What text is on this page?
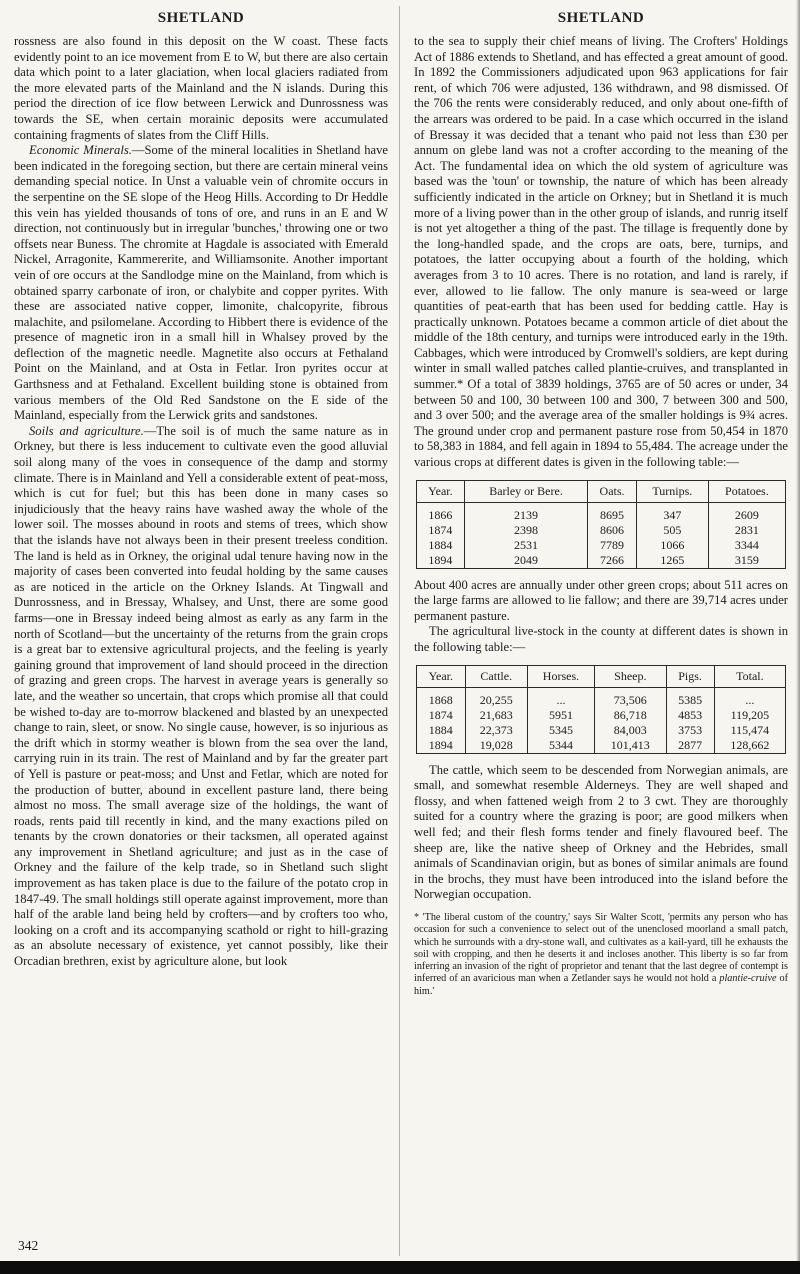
SHETLAND

rossness are also found in this deposit on the W coast. These facts evidently point to an ice movement from E to W, but there are also certain data which point to a later glaciation, when local glaciers radiated from the more elevated parts of the Mainland and the N islands. During this period the direction of ice flow between Lerwick and Dunrossness was towards the SE, when certain morainic deposits were accumulated containing fragments of slates from the Cliff Hills.

Economic Minerals.—Some of the mineral localities in Shetland have been indicated in the foregoing section, but there are certain mineral veins demanding special notice. In Unst a valuable vein of chromite occurs in the serpentine on the SE slope of the Heog Hills. According to Dr Heddle this vein has yielded thousands of tons of ore, and runs in an E and W direction, not continuously but in irregular 'bunches,' throwing one or two offsets near Buness. The chromite at Hagdale is associated with Emerald Nickel, Arragonite, Kammererite, and Williamsonite. Another important vein of ore occurs at the Sandlodge mine on the Mainland, from which is obtained sparry carbonate of iron, or chalybite and copper pyrites. With these are associated native copper, limonite, chalcopyrite, fibrous malachite, and psilomelane. According to Hibbert there is evidence of the presence of magnetic iron in a small hill in Whalsey proved by the deflection of the magnetic needle. Magnetite also occurs at Fethaland Point on the Mainland, and at Osta in Fetlar. Iron pyrites occur at Garthsness and at Fethaland. Excellent building stone is obtained from various members of the Old Red Sandstone on the E side of the Mainland, especially from the Lerwick grits and sandstones.

Soils and agriculture.—The soil is of much the same nature as in Orkney, but there is less inducement to cultivate even the good alluvial soil along many of the voes in consequence of the damp and stormy climate. There is in Mainland and Yell a considerable extent of peat-moss, which is cut for fuel; but this has been done in many cases so injudiciously that the heavy rains have washed away the whole of the lower soil. The mosses abound in roots and stems of trees, which show that the islands have not always been in their present treeless condition. The land is held as in Orkney, the original udal tenure having now in the majority of cases been converted into feudal holding by the same causes as are noticed in the article on the Orkney Islands. At Tingwall and Dunrossness, and in Bressay, Whalsey, and Unst, there are some good farms—one in Bressay indeed being almost as early as any farm in the north of Scotland—but the uncertainty of the returns from the grain crops is a great bar to extensive agricultural projects, and the feeling is yearly gaining ground that improvement of land should proceed in the direction of grazing and green crops. The harvest in average years is generally so late, and the weather so uncertain, that crops which promise all that could be wished to-day are to-morrow blackened and blasted by an unexpected change to rain, sleet, or snow. No single cause, however, is so injurious as the drift which in stormy weather is blown from the sea over the land, carrying ruin in its train. The rest of Mainland and by far the greater part of Yell is pasture or peat-moss; and Unst and Fetlar, which are noted for the production of butter, abound in excellent pasture land, there being almost no moss. The small average size of the holdings, the want of roads, rents paid till recently in kind, and the many exactions piled on tenants by the crown donatories or their tacksmen, all operated against any improvement in Shetland agriculture; and just as in the case of Orkney and the failure of the kelp trade, so in Shetland such slight improvement as has taken place is due to the failure of the potato crop in 1847-49. The small holdings still operate against improvement, more than half of the arable land being held by crofters—and by crofters too who, looking on a croft and its accompanying scathold or right to hill-grazing as an absolute necessary of existence, yet cannot possibly, like their Orcadian brethren, exist by agriculture alone, but look

SHETLAND

to the sea to supply their chief means of living. The Crofters' Holdings Act of 1886 extends to Shetland, and has effected a great amount of good. In 1892 the Commissioners adjudicated upon 963 applications for fair rent, of which 706 were adjusted, 136 withdrawn, and 98 dismissed. Of the 706 the rents were considerably reduced, and only about one-fifth of the arrears was ordered to be paid. In a case which occurred in the island of Bressay it was decided that a tenant who paid not less than £30 per annum on glebe land was not a crofter according to the meaning of the Act. The fundamental idea on which the old system of agriculture was based was the 'toun' or township, the nature of which has been already sufficiently indicated in the article on Orkney; but in Shetland it is much more of a living power than in the other group of islands, and runrig itself is not yet altogether a thing of the past. The tillage is frequently done by the long-handled spade, and the crops are oats, bere, turnips, and potatoes, the latter occupying about a fourth of the holding, which averages from 3 to 10 acres. There is no rotation, and land is rarely, if ever, allowed to lie fallow. The only manure is sea-weed or large quantities of peat-earth that has been used for bedding cattle. Hay is practically unknown. Potatoes became a common article of diet about the middle of the 18th century, and turnips were introduced early in the 19th. Cabbages, which were introduced by Cromwell's soldiers, are kept during winter in small walled patches called plantie-cruives, and transplanted in summer.* Of a total of 3839 holdings, 3765 are of 50 acres or under, 34 between 50 and 100, 30 between 100 and 300, 7 between 300 and 500, and 3 over 500; and the average area of the smaller holdings is 9¾ acres. The ground under crop and permanent pasture rose from 50,454 in 1870 to 58,383 in 1884, and fell again in 1894 to 55,484. The acreage under the various crops at different dates is given in the following table:—

Year.	Barley or Bere.	Oats.	Turnips.	Potatoes.
1866	2139	8695	347	2609
1874	2398	8606	505	2831
1884	2531	7789	1066	3344
1894	2049	7266	1265	3159

About 400 acres are annually under other green crops; about 511 acres on the large farms are allowed to lie fallow; and there are 39,714 acres under permanent pasture.

The agricultural live-stock in the county at different dates is shown in the following table:—

Year.	Cattle.	Horses.	Sheep.	Pigs.	Total.
1868	20,255	...	73,506	5385	...
1874	21,683	5951	86,718	4853	119,205
1884	22,373	5345	84,003	3753	115,474
1894	19,028	5344	101,413	2877	128,662

The cattle, which seem to be descended from Norwegian animals, are small, and somewhat resemble Alderneys. They are well shaped and flossy, and when fattened weigh from 2 to 3 cwt. They are thoroughly suited for a country where the grazing is poor; are good milkers when well fed; and their flesh forms tender and finely flavoured beef. The sheep are, like the native sheep of Orkney and the Hebrides, small animals of Scandinavian origin, but as bones of similar animals are found in the brochs, they must have been introduced into the island before the Norwegian occupation.

* 'The liberal custom of the country,' says Sir Walter Scott, 'permits any person who has occasion for such a convenience to select out of the unenclosed moorland a small patch, which he surrounds with a dry-stone wall, and cultivates as a kail-yard, till he exhausts the soil with cropping, and then he deserts it and incloses another. This liberty is so far from inferring an invasion of the right of proprietor and tenant that the last degree of contempt is inferred of an avaricious man when a Zetlander says he would not hold a plantie-cruive of him.'
342
